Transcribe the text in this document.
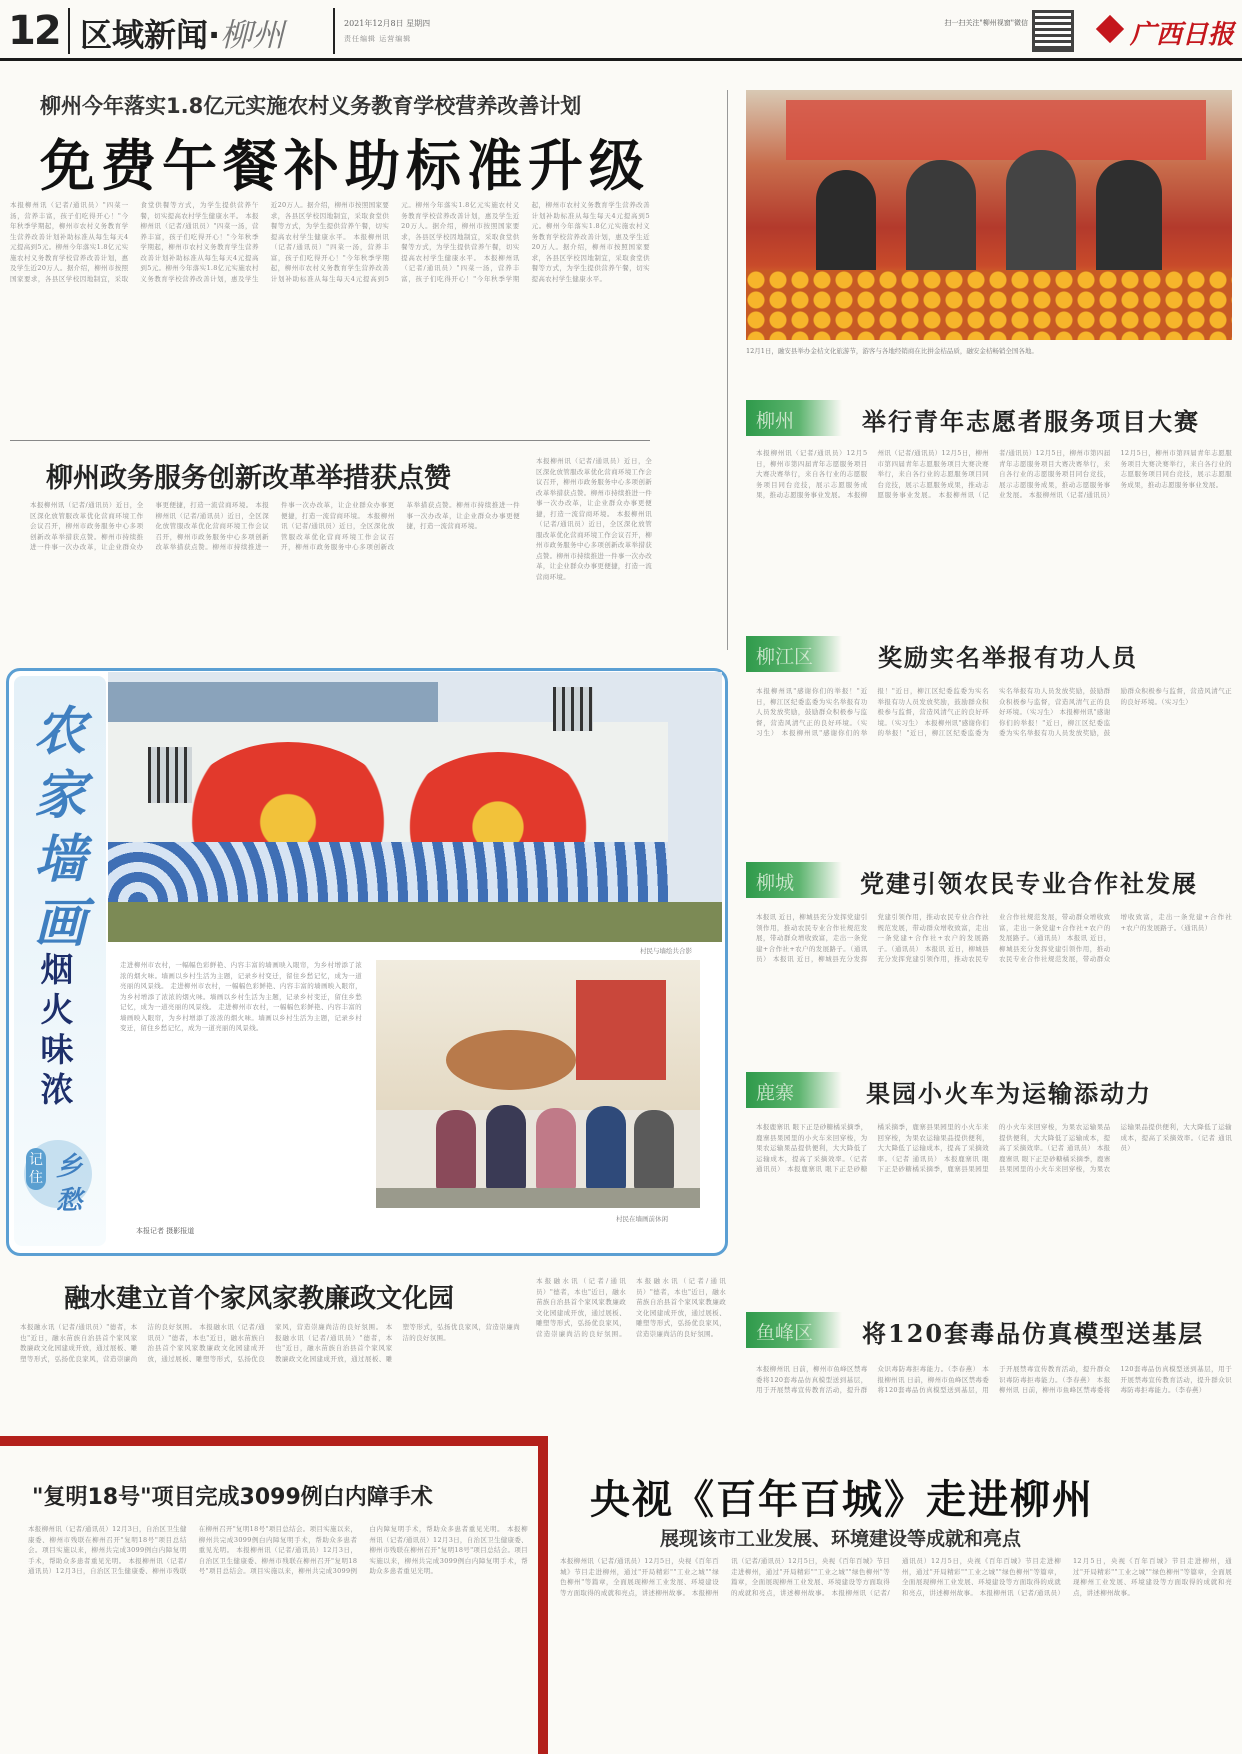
12 区域新闻·柳州	2021年12月8日 星期四
责任编辑 运营编辑
扫一扫关注"柳州视窗"微信	广西日报
柳州今年落实1.8亿元实施农村义务教育学校营养改善计划
免费午餐补助标准升级
本报柳州讯（记者/通讯员）"四菜一汤，营养丰富，孩子们吃得开心！"今年秋季学期起，柳州市农村义务教育学生营养改善计划补助标准从每生每天4元提高到5元。柳州今年落实1.8亿元实施农村义务教育学校营养改善计划，惠及学生近20万人。据介绍，柳州市按照国家要求，各县区学校因地制宜，采取食堂供餐等方式，为学生提供营养午餐，切实提高农村学生健康水平。 本报柳州讯（记者/通讯员）"四菜一汤，营养丰富，孩子们吃得开心！"今年秋季学期起，柳州市农村义务教育学生营养改善计划补助标准从每生每天4元提高到5元。柳州今年落实1.8亿元实施农村义务教育学校营养改善计划，惠及学生近20万人。据介绍，柳州市按照国家要求，各县区学校因地制宜，采取食堂供餐等方式，为学生提供营养午餐，切实提高农村学生健康水平。 本报柳州讯（记者/通讯员）"四菜一汤，营养丰富，孩子们吃得开心！"今年秋季学期起，柳州市农村义务教育学生营养改善计划补助标准从每生每天4元提高到5元。柳州今年落实1.8亿元实施农村义务教育学校营养改善计划，惠及学生近20万人。据介绍，柳州市按照国家要求，各县区学校因地制宜，采取食堂供餐等方式，为学生提供营养午餐，切实提高农村学生健康水平。 本报柳州讯（记者/通讯员）"四菜一汤，营养丰富，孩子们吃得开心！"今年秋季学期起，柳州市农村义务教育学生营养改善计划补助标准从每生每天4元提高到5元。柳州今年落实1.8亿元实施农村义务教育学校营养改善计划，惠及学生近20万人。据介绍，柳州市按照国家要求，各县区学校因地制宜，采取食堂供餐等方式，为学生提供营养午餐，切实提高农村学生健康水平。
柳州政务服务创新改革举措获点赞
本报柳州讯（记者/通讯员）近日，全区深化放管服改革优化营商环境工作会议召开，柳州市政务服务中心多项创新改革举措获点赞。柳州市持续推进一件事一次办改革，让企业群众办事更便捷，打造一流营商环境。 本报柳州讯（记者/通讯员）近日，全区深化放管服改革优化营商环境工作会议召开，柳州市政务服务中心多项创新改革举措获点赞。柳州市持续推进一件事一次办改革，让企业群众办事更便捷，打造一流营商环境。 本报柳州讯（记者/通讯员）近日，全区深化放管服改革优化营商环境工作会议召开，柳州市政务服务中心多项创新改革举措获点赞。柳州市持续推进一件事一次办改革，让企业群众办事更便捷，打造一流营商环境。
本报柳州讯（记者/通讯员）近日，全区深化放管服改革优化营商环境工作会议召开，柳州市政务服务中心多项创新改革举措获点赞。柳州市持续推进一件事一次办改革，让企业群众办事更便捷，打造一流营商环境。 本报柳州讯（记者/通讯员）近日，全区深化放管服改革优化营商环境工作会议召开，柳州市政务服务中心多项创新改革举措获点赞。柳州市持续推进一件事一次办改革，让企业群众办事更便捷，打造一流营商环境。
12月1日，融安县举办金桔文化旅游节，游客与各地经销商在比拼金桔品质，融安金桔畅销全国各地。
柳州	举行青年志愿者服务项目大赛
本报柳州讯（记者/通讯员）12月5日，柳州市第四届青年志愿服务项目大赛决赛举行，来自各行业的志愿服务项目同台竞技，展示志愿服务成果，推动志愿服务事业发展。 本报柳州讯（记者/通讯员）12月5日，柳州市第四届青年志愿服务项目大赛决赛举行，来自各行业的志愿服务项目同台竞技，展示志愿服务成果，推动志愿服务事业发展。 本报柳州讯（记者/通讯员）12月5日，柳州市第四届青年志愿服务项目大赛决赛举行，来自各行业的志愿服务项目同台竞技，展示志愿服务成果，推动志愿服务事业发展。 本报柳州讯（记者/通讯员）12月5日，柳州市第四届青年志愿服务项目大赛决赛举行，来自各行业的志愿服务项目同台竞技，展示志愿服务成果，推动志愿服务事业发展。
柳江区	奖励实名举报有功人员
本报柳州讯"感谢你们的举报！"近日，柳江区纪委监委为实名举报有功人员发放奖励，鼓励群众积极参与监督，营造风清气正的良好环境。（实习生） 本报柳州讯"感谢你们的举报！"近日，柳江区纪委监委为实名举报有功人员发放奖励，鼓励群众积极参与监督，营造风清气正的良好环境。（实习生） 本报柳州讯"感谢你们的举报！"近日，柳江区纪委监委为实名举报有功人员发放奖励，鼓励群众积极参与监督，营造风清气正的良好环境。（实习生） 本报柳州讯"感谢你们的举报！"近日，柳江区纪委监委为实名举报有功人员发放奖励，鼓励群众积极参与监督，营造风清气正的良好环境。（实习生）
柳城	党建引领农民专业合作社发展
本报讯 近日，柳城县充分发挥党建引领作用，推动农民专业合作社规范发展，带动群众增收致富，走出一条党建+合作社+农户的发展路子。（通讯员） 本报讯 近日，柳城县充分发挥党建引领作用，推动农民专业合作社规范发展，带动群众增收致富，走出一条党建+合作社+农户的发展路子。（通讯员） 本报讯 近日，柳城县充分发挥党建引领作用，推动农民专业合作社规范发展，带动群众增收致富，走出一条党建+合作社+农户的发展路子。（通讯员） 本报讯 近日，柳城县充分发挥党建引领作用，推动农民专业合作社规范发展，带动群众增收致富，走出一条党建+合作社+农户的发展路子。（通讯员）
鹿寨	果园小火车为运输添动力
本报鹿寨讯 眼下正是砂糖橘采摘季，鹿寨县果园里的小火车来回穿梭，为果农运输果品提供便利，大大降低了运输成本，提高了采摘效率。（记者 通讯员） 本报鹿寨讯 眼下正是砂糖橘采摘季，鹿寨县果园里的小火车来回穿梭，为果农运输果品提供便利，大大降低了运输成本，提高了采摘效率。（记者 通讯员） 本报鹿寨讯 眼下正是砂糖橘采摘季，鹿寨县果园里的小火车来回穿梭，为果农运输果品提供便利，大大降低了运输成本，提高了采摘效率。（记者 通讯员） 本报鹿寨讯 眼下正是砂糖橘采摘季，鹿寨县果园里的小火车来回穿梭，为果农运输果品提供便利，大大降低了运输成本，提高了采摘效率。（记者 通讯员）
鱼峰区	将120套毒品仿真模型送基层
本报柳州讯 日前，柳州市鱼峰区禁毒委将120套毒品仿真模型送到基层，用于开展禁毒宣传教育活动，提升群众识毒防毒拒毒能力。（李春燕） 本报柳州讯 日前，柳州市鱼峰区禁毒委将120套毒品仿真模型送到基层，用于开展禁毒宣传教育活动，提升群众识毒防毒拒毒能力。（李春燕） 本报柳州讯 日前，柳州市鱼峰区禁毒委将120套毒品仿真模型送到基层，用于开展禁毒宣传教育活动，提升群众识毒防毒拒毒能力。（李春燕）
农家墙画
烟火味浓
记住 乡愁
村民与墙绘共合影
走进柳州市农村，一幅幅色彩鲜艳、内容丰富的墙画映入眼帘，为乡村增添了浓浓的烟火味。墙画以乡村生活为主题，记录乡村变迁，留住乡愁记忆，成为一道亮丽的风景线。 走进柳州市农村，一幅幅色彩鲜艳、内容丰富的墙画映入眼帘，为乡村增添了浓浓的烟火味。墙画以乡村生活为主题，记录乡村变迁，留住乡愁记忆，成为一道亮丽的风景线。 走进柳州市农村，一幅幅色彩鲜艳、内容丰富的墙画映入眼帘，为乡村增添了浓浓的烟火味。墙画以乡村生活为主题，记录乡村变迁，留住乡愁记忆，成为一道亮丽的风景线。
本报记者 摄影报道
村民在墙画前休闲
融水建立首个家风家教廉政文化园
本报融水讯（记者/通讯员）"德者，本也"近日，融水苗族自治县首个家风家教廉政文化园建成开放，通过展板、雕塑等形式，弘扬优良家风，营造崇廉尚洁的良好氛围。 本报融水讯（记者/通讯员）"德者，本也"近日，融水苗族自治县首个家风家教廉政文化园建成开放，通过展板、雕塑等形式，弘扬优良家风，营造崇廉尚洁的良好氛围。 本报融水讯（记者/通讯员）"德者，本也"近日，融水苗族自治县首个家风家教廉政文化园建成开放，通过展板、雕塑等形式，弘扬优良家风，营造崇廉尚洁的良好氛围。
本报融水讯（记者/通讯员）"德者，本也"近日，融水苗族自治县首个家风家教廉政文化园建成开放，通过展板、雕塑等形式，弘扬优良家风，营造崇廉尚洁的良好氛围。 本报融水讯（记者/通讯员）"德者，本也"近日，融水苗族自治县首个家风家教廉政文化园建成开放，通过展板、雕塑等形式，弘扬优良家风，营造崇廉尚洁的良好氛围。
"复明18号"项目完成3099例白内障手术
本报柳州讯（记者/通讯员）12月3日，自治区卫生健康委、柳州市残联在柳州召开"复明18号"项目总结会。项目实施以来，柳州共完成3099例白内障复明手术，帮助众多患者重见光明。 本报柳州讯（记者/通讯员）12月3日，自治区卫生健康委、柳州市残联在柳州召开"复明18号"项目总结会。项目实施以来，柳州共完成3099例白内障复明手术，帮助众多患者重见光明。 本报柳州讯（记者/通讯员）12月3日，自治区卫生健康委、柳州市残联在柳州召开"复明18号"项目总结会。项目实施以来，柳州共完成3099例白内障复明手术，帮助众多患者重见光明。 本报柳州讯（记者/通讯员）12月3日，自治区卫生健康委、柳州市残联在柳州召开"复明18号"项目总结会。项目实施以来，柳州共完成3099例白内障复明手术，帮助众多患者重见光明。
央视《百年百城》走进柳州
展现该市工业发展、环境建设等成就和亮点
本报柳州讯（记者/通讯员）12月5日，央视《百年百城》节目走进柳州，通过"开局精彩""工业之城""绿色柳州"等篇章，全面展现柳州工业发展、环境建设等方面取得的成就和亮点，讲述柳州故事。 本报柳州讯（记者/通讯员）12月5日，央视《百年百城》节目走进柳州，通过"开局精彩""工业之城""绿色柳州"等篇章，全面展现柳州工业发展、环境建设等方面取得的成就和亮点，讲述柳州故事。 本报柳州讯（记者/通讯员）12月5日，央视《百年百城》节目走进柳州，通过"开局精彩""工业之城""绿色柳州"等篇章，全面展现柳州工业发展、环境建设等方面取得的成就和亮点，讲述柳州故事。 本报柳州讯（记者/通讯员）12月5日，央视《百年百城》节目走进柳州，通过"开局精彩""工业之城""绿色柳州"等篇章，全面展现柳州工业发展、环境建设等方面取得的成就和亮点，讲述柳州故事。
